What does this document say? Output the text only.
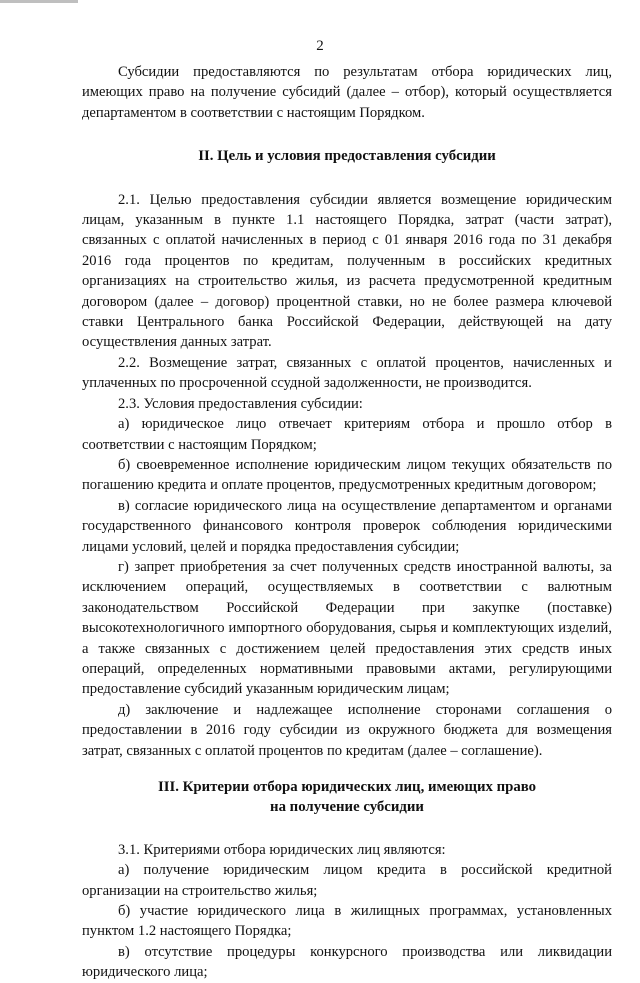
2

Субсидии предоставляются по результатам отбора юридических лиц, имеющих право на получение субсидий (далее – отбор), который осуществляется департаментом в соответствии с настоящим Порядком.

II. Цель и условия предоставления субсидии

2.1. Целью предоставления субсидии является возмещение юридическим лицам, указанным в пункте 1.1 настоящего Порядка, затрат (части затрат), связанных с оплатой начисленных в период с 01 января 2016 года по 31 декабря 2016 года процентов по кредитам, полученным в российских кредитных организациях на строительство жилья, из расчета предусмотренной кредитным договором (далее – договор) процентной ставки, но не более размера ключевой ставки Центрального банка Российской Федерации, действующей на дату осуществления данных затрат.

2.2. Возмещение затрат, связанных с оплатой процентов, начисленных и уплаченных по просроченной ссудной задолженности, не производится.

2.3. Условия предоставления субсидии:

а) юридическое лицо отвечает критериям отбора и прошло отбор в соответствии с настоящим Порядком;

б) своевременное исполнение юридическим лицом текущих обязательств по погашению кредита и оплате процентов, предусмотренных кредитным договором;

в) согласие юридического лица на осуществление департаментом и органами государственного финансового контроля проверок соблюдения юридическими лицами условий, целей и порядка предоставления субсидии;

г) запрет приобретения за счет полученных средств иностранной валюты, за исключением операций, осуществляемых в соответствии с валютным законодательством Российской Федерации при закупке (поставке) высокотехнологичного импортного оборудования, сырья и комплектующих изделий, а также связанных с достижением целей предоставления этих средств иных операций, определенных нормативными правовыми актами, регулирующими предоставление субсидий указанным юридическим лицам;

д) заключение и надлежащее исполнение сторонами соглашения о предоставлении в 2016 году субсидии из окружного бюджета для возмещения затрат, связанных с оплатой процентов по кредитам (далее – соглашение).

III. Критерии отбора юридических лиц, имеющих право
на получение субсидии

3.1. Критериями отбора юридических лиц являются:

а) получение юридическим лицом кредита в российской кредитной организации на строительство жилья;

б) участие юридического лица в жилищных программах, установленных пунктом 1.2 настоящего Порядка;

в) отсутствие процедуры конкурсного производства или ликвидации юридического лица;
